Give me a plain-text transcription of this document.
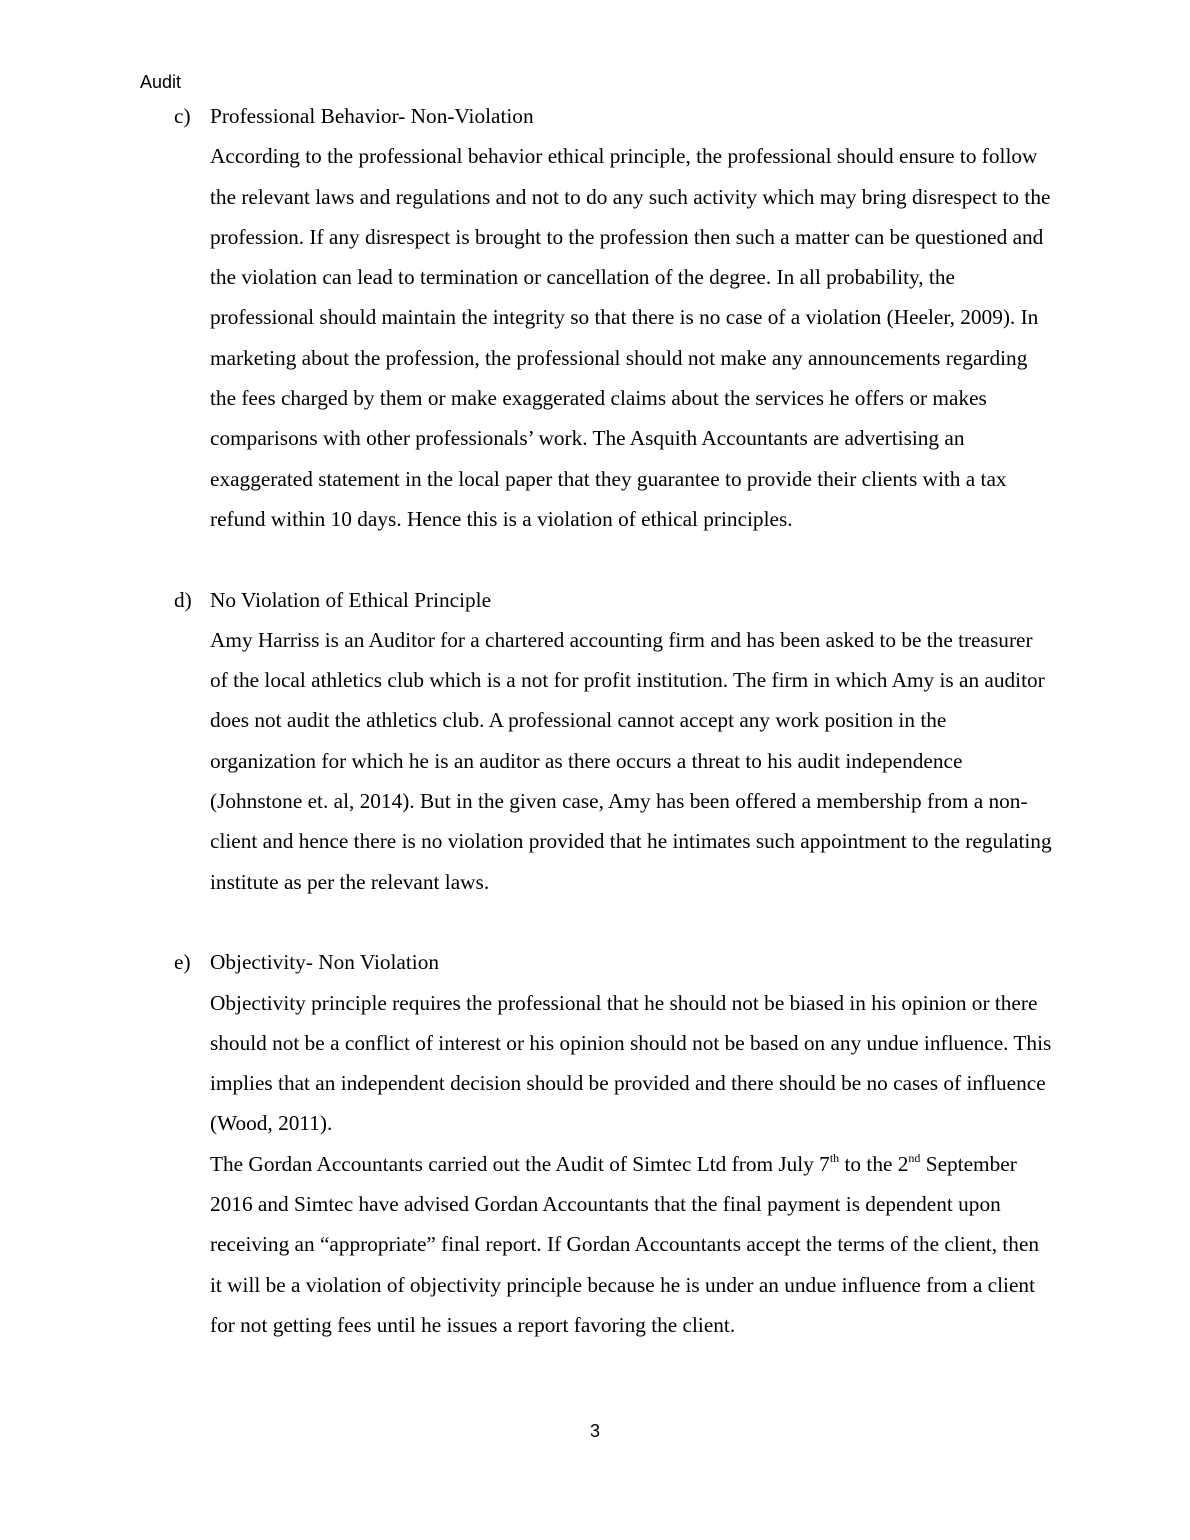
Audit
c) Professional Behavior- Non-Violation

According to the professional behavior ethical principle, the professional should ensure to follow the relevant laws and regulations and not to do any such activity which may bring disrespect to the profession. If any disrespect is brought to the profession then such a matter can be questioned and the violation can lead to termination or cancellation of the degree. In all probability, the professional should maintain the integrity so that there is no case of a violation (Heeler, 2009). In marketing about the profession, the professional should not make any announcements regarding the fees charged by them or make exaggerated claims about the services he offers or makes comparisons with other professionals’ work. The Asquith Accountants are advertising an exaggerated statement in the local paper that they guarantee to provide their clients with a tax refund within 10 days. Hence this is a violation of ethical principles.

d) No Violation of Ethical Principle

Amy Harriss is an Auditor for a chartered accounting firm and has been asked to be the treasurer of the local athletics club which is a not for profit institution. The firm in which Amy is an auditor does not audit the athletics club. A professional cannot accept any work position in the organization for which he is an auditor as there occurs a threat to his audit independence (Johnstone et. al, 2014). But in the given case, Amy has been offered a membership from a non-client and hence there is no violation provided that he intimates such appointment to the regulating institute as per the relevant laws.

e) Objectivity- Non Violation

Objectivity principle requires the professional that he should not be biased in his opinion or there should not be a conflict of interest or his opinion should not be based on any undue influence. This implies that an independent decision should be provided and there should be no cases of influence (Wood, 2011).

The Gordan Accountants carried out the Audit of Simtec Ltd from July 7th to the 2nd September 2016 and Simtec have advised Gordan Accountants that the final payment is dependent upon receiving an “appropriate” final report. If Gordan Accountants accept the terms of the client, then it will be a violation of objectivity principle because he is under an undue influence from a client for not getting fees until he issues a report favoring the client.

3
